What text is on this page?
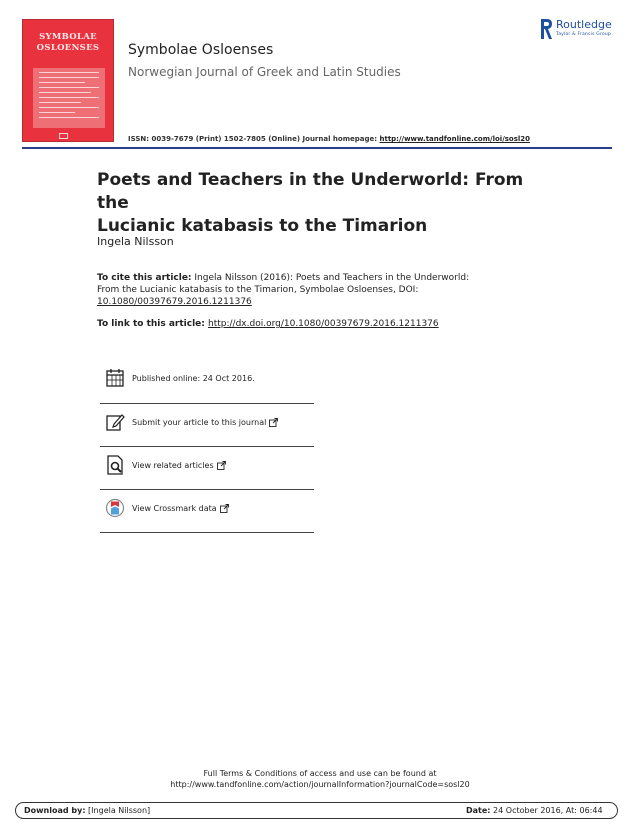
SYMBOLAE
OSLOENSES	Symbolae Osloenses
Norwegian Journal of Greek and Latin Studies
ISSN: 0039-7679 (Print) 1502-7805 (Online) Journal homepage: http://www.tandfonline.com/loi/sosl20
Routledge
Taylor & Francis Group
Poets and Teachers in the Underworld: From the
Lucianic katabasis to the Timarion
Ingela Nilsson
To cite this article: Ingela Nilsson (2016): Poets and Teachers in the Underworld:
From the Lucianic katabasis to the Timarion, Symbolae Osloenses, DOI:
10.1080/00397679.2016.1211376
To link to this article: http://dx.doi.org/10.1080/00397679.2016.1211376
Published online: 24 Oct 2016.
Submit your article to this journal
View related articles
View Crossmark data
Full Terms & Conditions of access and use can be found at
http://www.tandfonline.com/action/journalInformation?journalCode=sosl20
Download by: [Ingela Nilsson]	Date: 24 October 2016, At: 06:44
